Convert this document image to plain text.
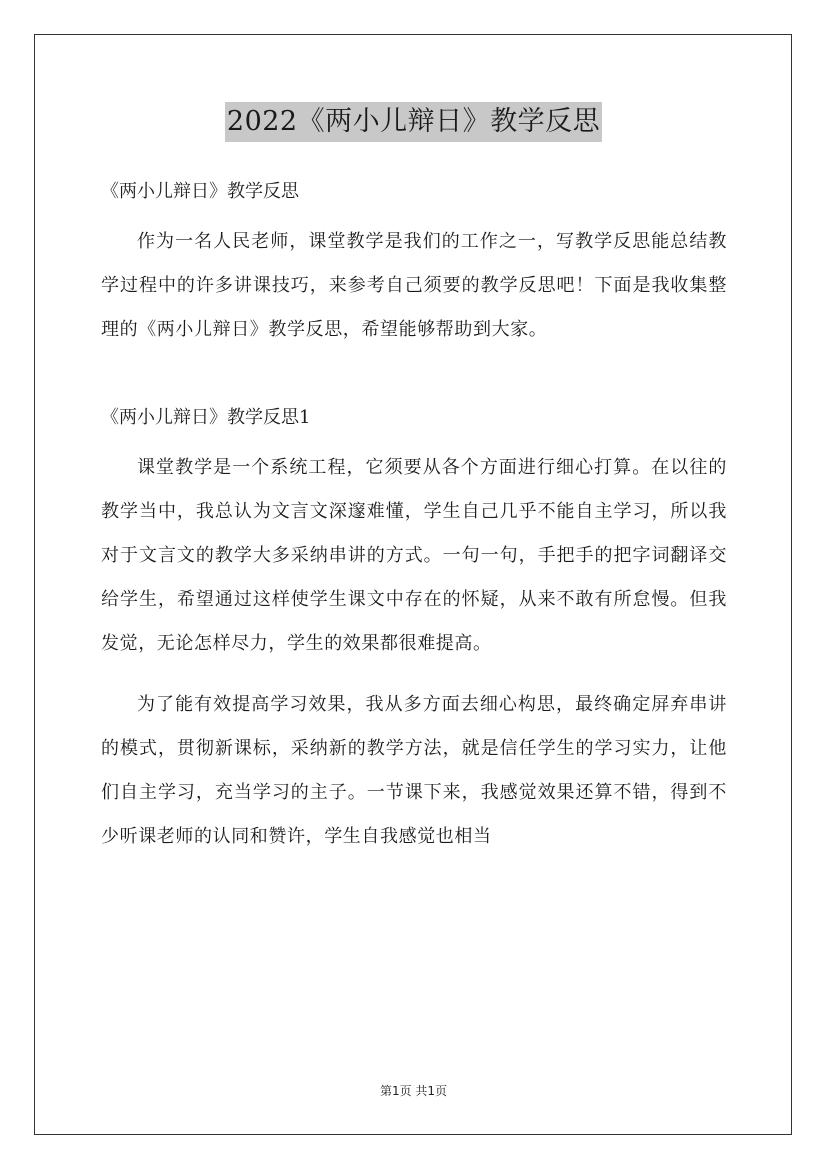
2022《两小儿辩日》教学反思

《两小儿辩日》教学反思

作为一名人民老师，课堂教学是我们的工作之一，写教学反思能总结教学过程中的许多讲课技巧，来参考自己须要的教学反思吧！下面是我收集整理的《两小儿辩日》教学反思，希望能够帮助到大家。

《两小儿辩日》教学反思1

课堂教学是一个系统工程，它须要从各个方面进行细心打算。在以往的教学当中，我总认为文言文深邃难懂，学生自己几乎不能自主学习，所以我对于文言文的教学大多采纳串讲的方式。一句一句，手把手的把字词翻译交给学生，希望通过这样使学生课文中存在的怀疑，从来不敢有所怠慢。但我发觉，无论怎样尽力，学生的效果都很难提高。

为了能有效提高学习效果，我从多方面去细心构思，最终确定屏弃串讲的模式，贯彻新课标，采纳新的教学方法，就是信任学生的学习实力，让他们自主学习，充当学习的主子。一节课下来，我感觉效果还算不错，得到不少听课老师的认同和赞许，学生自我感觉也相当

第1页 共1页
